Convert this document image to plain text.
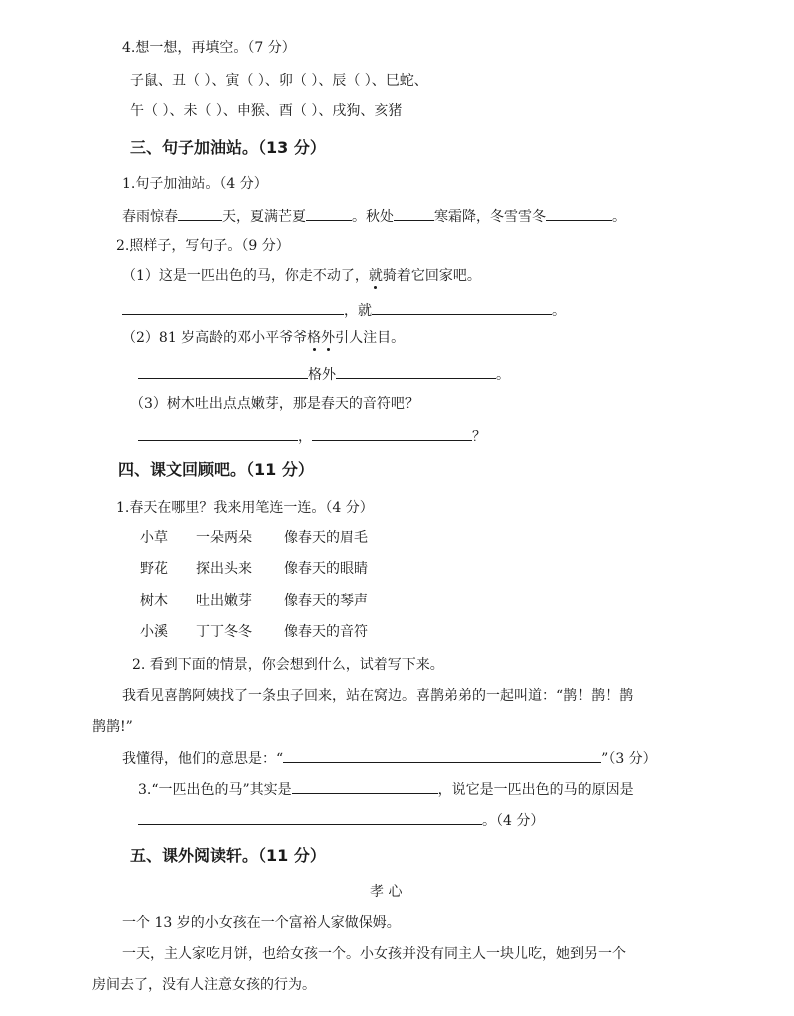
4.想一想，再填空。（7 分）
子鼠、丑（ ）、寅（ ）、卯（ ）、辰（ ）、巳蛇、
午（ ）、未（ ）、申猴、酉（ ）、戌狗、亥猪
三、句子加油站。（13 分）
1.句子加油站。（4 分）
春雨惊春	天，夏满芒夏	。秋处	寒霜降，冬雪雪冬	。
2.照样子，写句子。（9 分）
（1）这是一匹出色的马，你走不动了，就骑着它回家吧。
，就	。
（2）81 岁高龄的邓小平爷爷格外引人注目。
格外	。
（3）树木吐出点点嫩芽，那是春天的音符吧？
，	？
四、课文回顾吧。（11 分）
1.春天在哪里？我来用笔连一连。（4 分）
小草 一朵两朵 像春天的眉毛
野花 探出头来 像春天的眼睛
树木 吐出嫩芽 像春天的琴声
小溪 丁丁冬冬 像春天的音符
2. 看到下面的情景，你会想到什么，试着写下来。
我看见喜鹊阿姨找了一条虫子回来，站在窝边。喜鹊弟弟的一起叫道：“鹊！鹊！鹊
鹊鹊!”
我懂得，他们的意思是：“	”（3 分）
3.“一匹出色的马”其实是	，说它是一匹出色的马的原因是
。（4 分）
五、课外阅读轩。（11 分）
孝 心
一个 13 岁的小女孩在一个富裕人家做保姆。
一天，主人家吃月饼，也给女孩一个。小女孩并没有同主人一块儿吃，她到另一个
房间去了，没有人注意女孩的行为。
